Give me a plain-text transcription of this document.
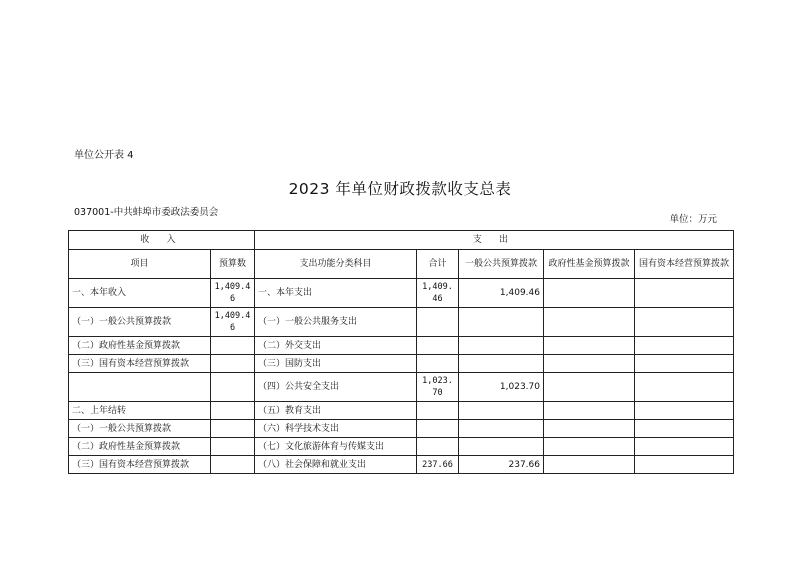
单位公开表 4
2023 年单位财政拨款收支总表
037001-中共蚌埠市委政法委员会
单位：万元
收 入		支 出				
项目	预算数	支出功能分类科目	合计	一般公共预算拨款	政府性基金预算拨款	国有资本经营预算拨款
一、本年收入	1,409.46	一、本年支出	1,409.46	1,409.46		
（一）一般公共预算拨款	1,409.46	（一）一般公共服务支出				
（二）政府性基金预算拨款		（二）外交支出				
（三）国有资本经营预算拨款		（三）国防支出				
		（四）公共安全支出	1,023.70	1,023.70		
二、上年结转		（五）教育支出				
（一）一般公共预算拨款		（六）科学技术支出				
（二）政府性基金预算拨款		（七）文化旅游体育与传媒支出				
（三）国有资本经营预算拨款		（八）社会保障和就业支出	237.66	237.66		
